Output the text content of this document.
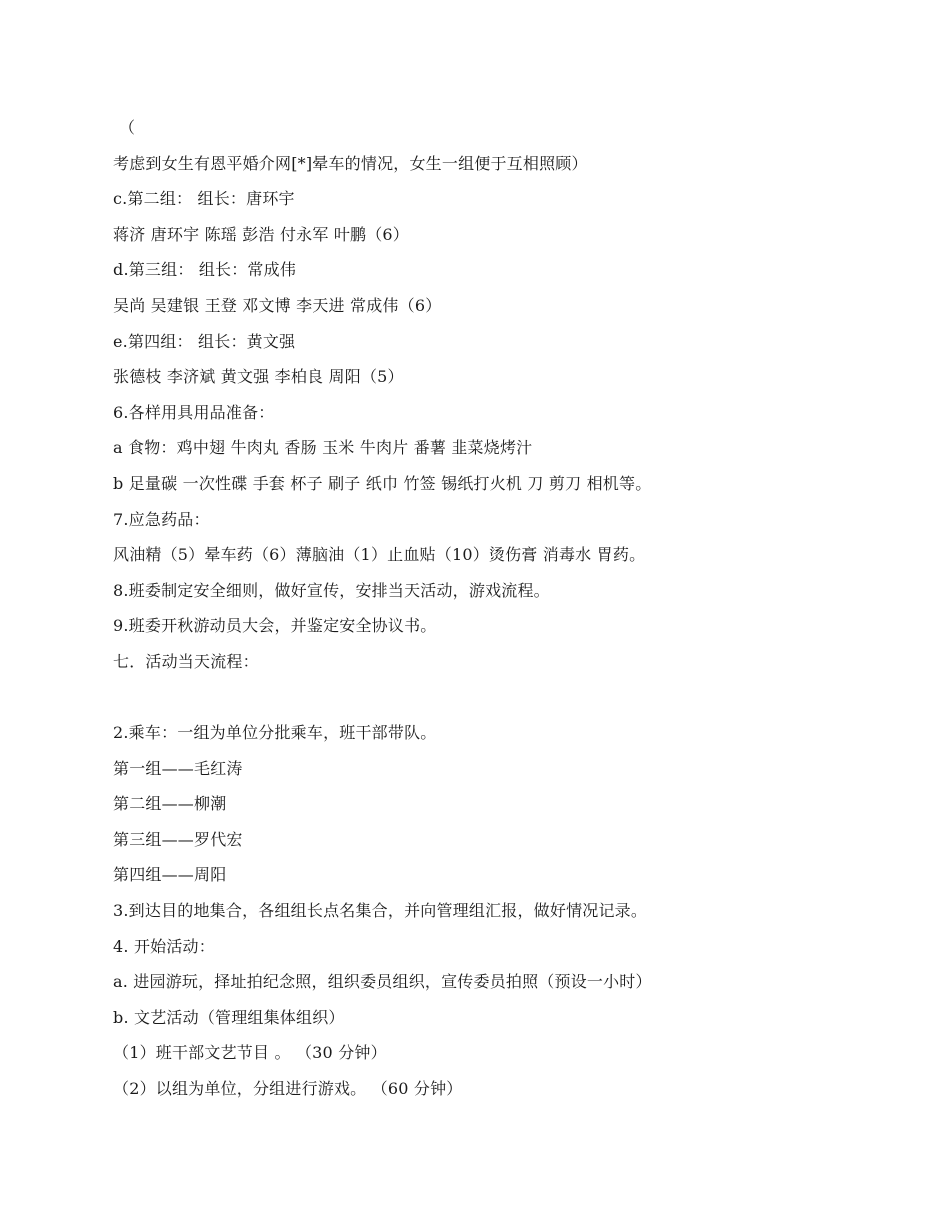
（
考虑到女生有恩平婚介网[*]晕车的情况，女生一组便于互相照顾）
c.第二组： 组长：唐环宇
蒋济 唐环宇 陈瑶 彭浩 付永军 叶鹏（6）
d.第三组： 组长：常成伟
吴尚 吴建银 王登 邓文博 李天进 常成伟（6）
e.第四组： 组长：黄文强
张德枝 李济斌 黄文强 李柏良 周阳（5）
6.各样用具用品准备：
a 食物：鸡中翅 牛肉丸 香肠 玉米 牛肉片 番薯 韭菜烧烤汁
b 足量碳 一次性碟 手套 杯子 刷子 纸巾 竹签 锡纸打火机 刀 剪刀 相机等。
7.应急药品：
风油精（5）晕车药（6）薄脑油（1）止血贴（10）烫伤膏 消毒水 胃药。
8.班委制定安全细则，做好宣传，安排当天活动，游戏流程。
9.班委开秋游动员大会，并鉴定安全协议书。
七．活动当天流程：
2.乘车：一组为单位分批乘车，班干部带队。
第一组——毛红涛
第二组——柳潮
第三组——罗代宏
第四组——周阳
3.到达目的地集合，各组组长点名集合，并向管理组汇报，做好情况记录。
4. 开始活动：
a. 进园游玩，择址拍纪念照，组织委员组织，宣传委员拍照（预设一小时）
b. 文艺活动（管理组集体组织）
（1）班干部文艺节目 。 （30 分钟）
（2）以组为单位，分组进行游戏。 （60 分钟）
